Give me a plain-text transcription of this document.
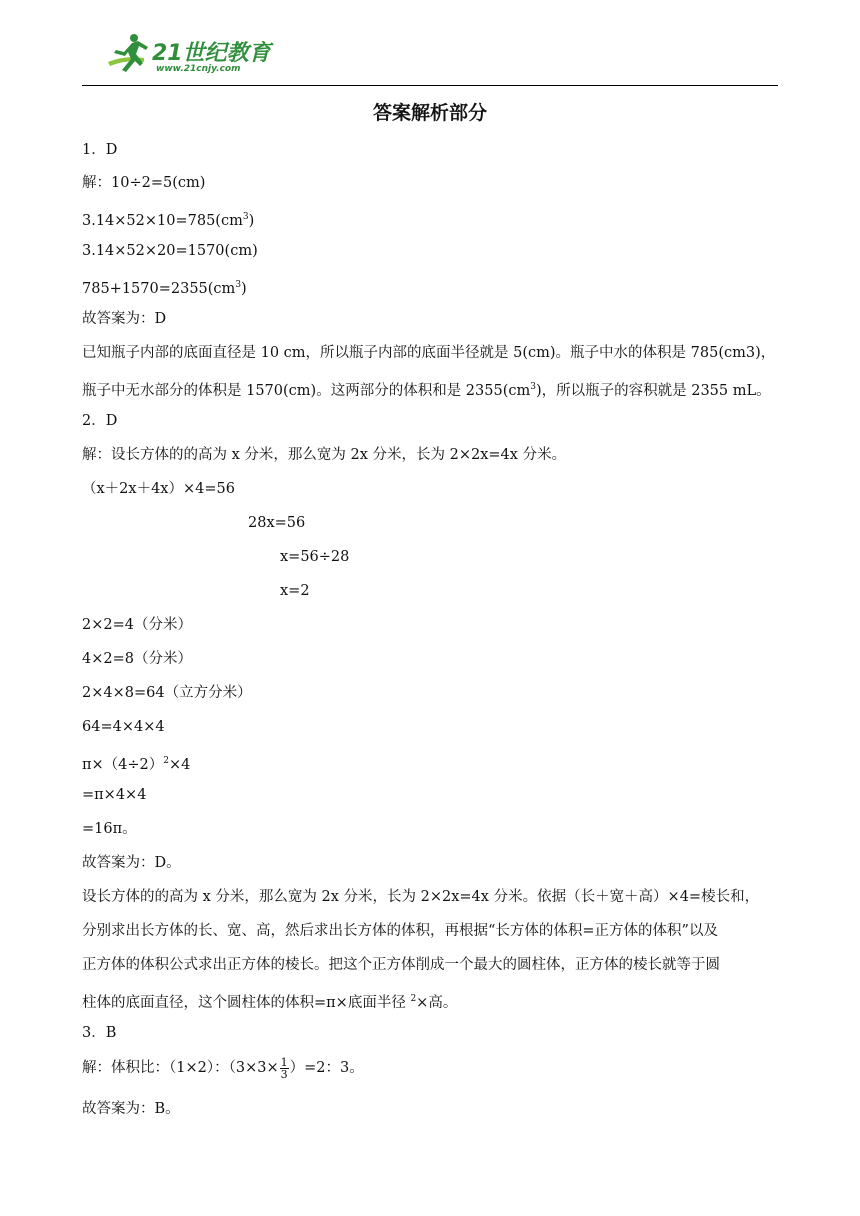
21世纪教育
www.21cnjy.com
答案解析部分
1．D
解：10÷2=5(cm)
$3.14\times 52\times 10=785(cm^3)$
3.14×52×20=1570(cm)
$785+1570=2355(cm^3)$
故答案为：D
已知瓶子内部的底面直径是 10 cm，所以瓶子内部的底面半径就是 5(cm)。瓶子中水的体积是 785(cm3)，
瓶子中无水部分的体积是 1570(cm)。这两部分的体积和是 $2355(cm^3)$，所以瓶子的容积就是 2355 mL。
2．D
解：设长方体的的高为 x 分米，那么宽为 2x 分米，长为 2×2x=4x 分米。
（x＋2x＋4x）×4=56
28x=56
x=56÷28
x=2
2×2=4（分米）
4×2=8（分米）
2×4×8=64（立方分米）
64=4×4×4
$\pi\times(4\div 2)^2\times 4$
=π×4×4
=16π。
故答案为：D。
设长方体的的高为 x 分米，那么宽为 2x 分米，长为 2×2x=4x 分米。依据（长＋宽＋高）×4=棱长和，
分别求出长方体的长、宽、高，然后求出长方体的体积，再根据“长方体的体积=正方体的体积”以及
正方体的体积公式求出正方体的棱长。把这个正方体削成一个最大的圆柱体，正方体的棱长就等于圆
柱体的底面直径，这个圆柱体的体积=π×底面半径 $^2$×高。
3．B
解：体积比：（1×2）：$(3\times 3\times \frac{1}{3} )=2$：3。
故答案为：B。
